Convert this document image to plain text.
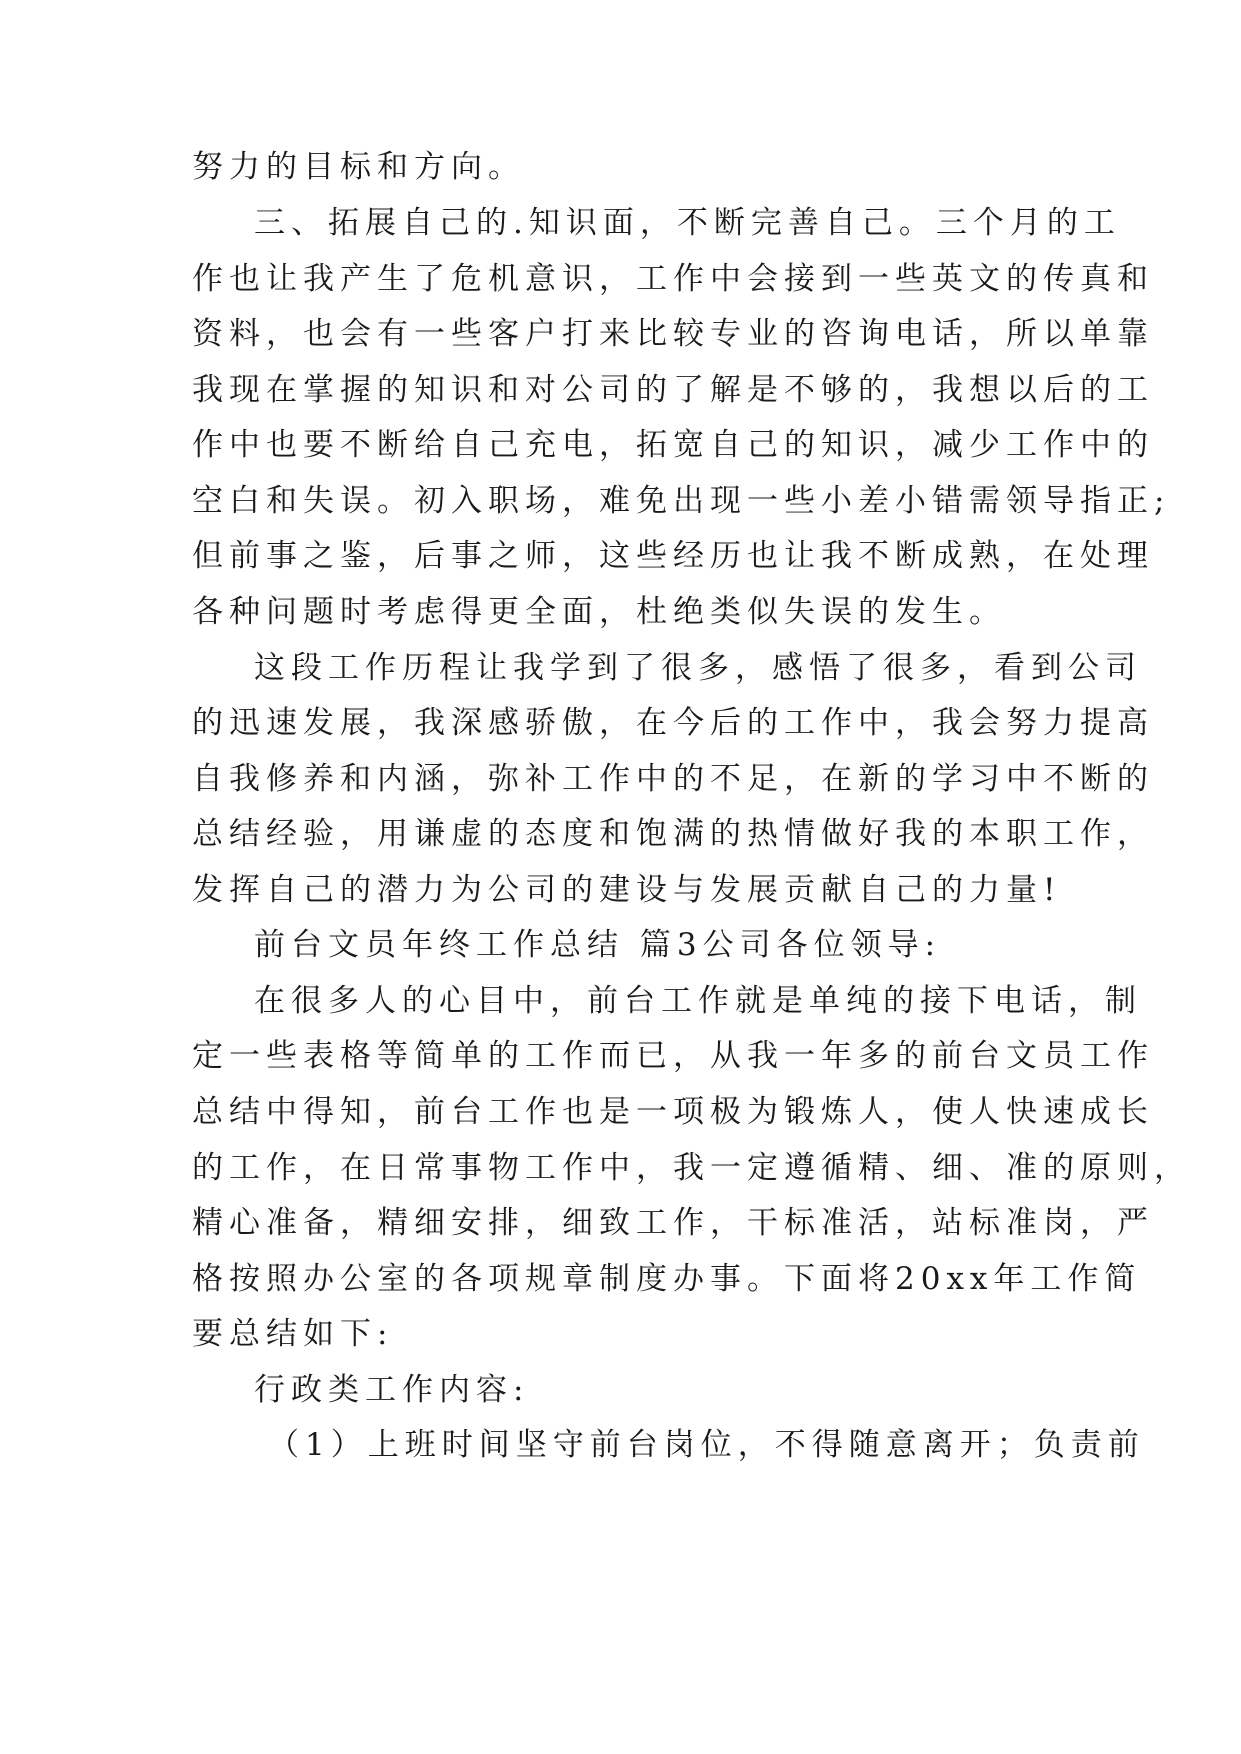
努力的目标和方向。
三、拓展自己的.知识面，不断完善自己。三个月的工
作也让我产生了危机意识，工作中会接到一些英文的传真和
资料，也会有一些客户打来比较专业的咨询电话，所以单靠
我现在掌握的知识和对公司的了解是不够的，我想以后的工
作中也要不断给自己充电，拓宽自己的知识，减少工作中的
空白和失误。初入职场，难免出现一些小差小错需领导指正;
但前事之鉴，后事之师，这些经历也让我不断成熟，在处理
各种问题时考虑得更全面，杜绝类似失误的发生。
这段工作历程让我学到了很多，感悟了很多，看到公司
的迅速发展，我深感骄傲，在今后的工作中，我会努力提高
自我修养和内涵，弥补工作中的不足，在新的学习中不断的
总结经验，用谦虚的态度和饱满的热情做好我的本职工作，
发挥自己的潜力为公司的建设与发展贡献自己的力量!
前台文员年终工作总结 篇3公司各位领导:
在很多人的心目中，前台工作就是单纯的接下电话，制
定一些表格等简单的工作而已，从我一年多的前台文员工作
总结中得知，前台工作也是一项极为锻炼人，使人快速成长
的工作，在日常事物工作中，我一定遵循精、细、准的原则，
精心准备，精细安排，细致工作，干标准活，站标准岗，严
格按照办公室的各项规章制度办事。下面将20xx年工作简
要总结如下:
行政类工作内容:
（1）上班时间坚守前台岗位，不得随意离开；负责前
